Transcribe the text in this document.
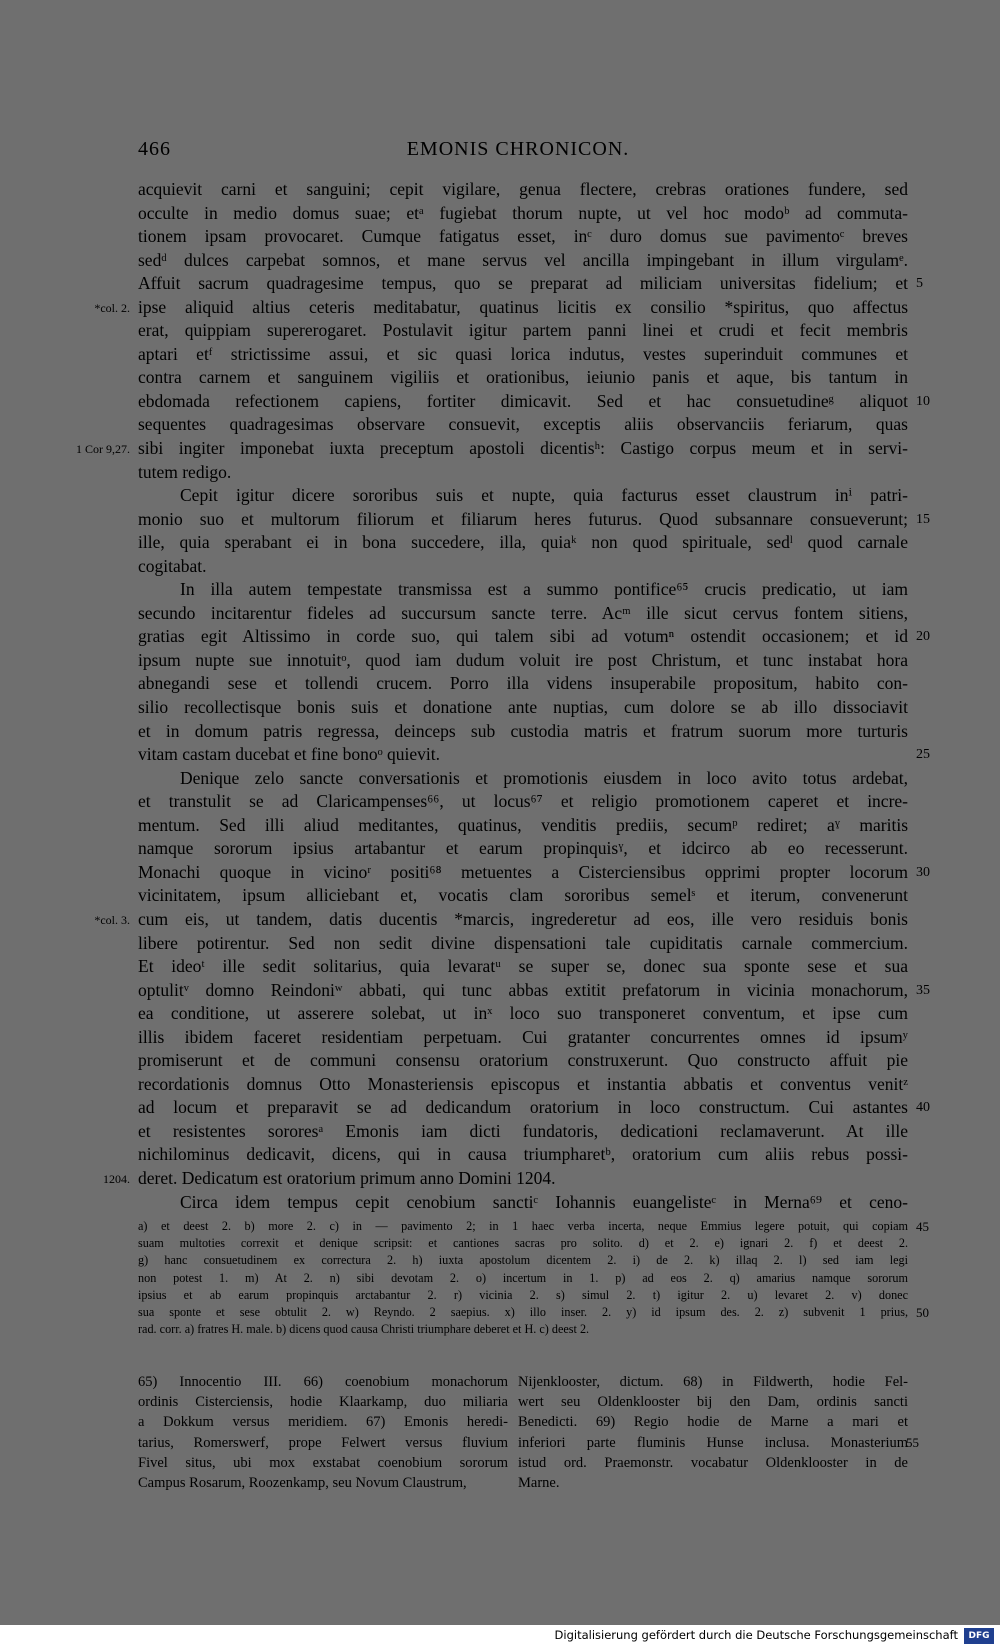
466	EMONIS CHRONICON.
acquievit carni et sanguini; cepit vigilare, genua flectere, crebras orationes fundere, sed
occulte in medio domus suae; etᵃ fugiebat thorum nupte, ut vel hoc modoᵇ ad commuta-
tionem ipsam provocaret. Cumque fatigatus esset, inᶜ duro domus sue pavimentoᶜ breves
sedᵈ dulces carpebat somnos, et mane servus vel ancilla impingebant in illum virgulamᵉ.
Affuit sacrum quadragesime tempus, quo se preparat ad miliciam universitas fidelium; et 5
ipse aliquid altius ceteris meditabatur, quatinus licitis ex consilio *spiritus, quo affectus
*col. 2.
erat, quippiam supererogaret. Postulavit igitur partem panni linei et crudi et fecit membris
aptari etᶠ strictissime assui, et sic quasi lorica indutus, vestes superinduit communes et
contra carnem et sanguinem vigiliis et orationibus, ieiunio panis et aque, bis tantum in
ebdomada refectionem capiens, fortiter dimicavit. Sed et hac consuetudineᵍ aliquot 10
sequentes quadragesimas observare consuevit, exceptis aliis observanciis feriarum, quas
sibi ingiter imponebat iuxta preceptum apostoli dicentisʰ: Castigo corpus meum et in servi-
1 Cor 9,27.
tutem redigo.
Cepit igitur dicere sororibus suis et nupte, quia facturus esset claustrum inⁱ patri-
monio suo et multorum filiorum et filiarum heres futurus. Quod subsannare consueverunt; 15
ille, quia sperabant ei in bona succedere, illa, quiaᵏ non quod spirituale, sedˡ quod carnale
cogitabat.
In illa autem tempestate transmissa est a summo pontifice⁶⁵ crucis predicatio, ut iam
secundo incitarentur fideles ad succursum sancte terre. Acᵐ ille sicut cervus fontem sitiens,
gratias egit Altissimo in corde suo, qui talem sibi ad votumⁿ ostendit occasionem; et id 20
ipsum nupte sue innotuitᵒ, quod iam dudum voluit ire post Christum, et tunc instabat hora
abnegandi sese et tollendi crucem. Porro illa videns insuperabile propositum, habito con-
silio recollectisque bonis suis et donatione ante nuptias, cum dolore se ab illo dissociavit
et in domum patris regressa, deinceps sub custodia matris et fratrum suorum more turturis
vitam castam ducebat et fine bonoᵒ quievit.	25
Denique zelo sancte conversationis et promotionis eiusdem in loco avito totus ardebat,
et transtulit se ad Claricampenses⁶⁶, ut locus⁶⁷ et religio promotionem caperet et incre-
mentum. Sed illi aliud meditantes, quatinus, venditis prediis, secumᵖ rediret; aˠ maritis
namque sororum ipsius artabantur et earum propinquisˠ, et idcirco ab eo recesserunt.
Monachi quoque in vicinoʳ positi⁶⁸ metuentes a Cisterciensibus opprimi propter locorum 30
vicinitatem, ipsum alliciebant et, vocatis clam sororibus semelˢ et iterum, convenerunt
cum eis, ut tandem, datis ducentis *marcis, ingrederetur ad eos, ille vero residuis bonis
*col. 3.
libere potirentur. Sed non sedit divine dispensationi tale cupiditatis carnale commercium.
Et ideoᵗ ille sedit solitarius, quia levaratᵘ se super se, donec sua sponte sese et sua
optulitᵛ domno Reindoniʷ abbati, qui tunc abbas extitit prefatorum in vicinia monachorum, 35
ea conditione, ut asserere solebat, ut inˣ loco suo transponeret conventum, et ipse cum
illis ibidem faceret residentiam perpetuam. Cui gratanter concurrentes omnes id ipsumʸ
promiserunt et de communi consensu oratorium construxerunt. Quo constructo affuit pie
recordationis domnus Otto Monasteriensis episcopus et instantia abbatis et conventus venitᶻ
ad locum et preparavit se ad dedicandum oratorium in loco constructum. Cui astantes 40
et resistentes sororesᵃ Emonis iam dicti fundatoris, dedicationi reclamaverunt. At ille
nichilominus dedicavit, dicens, qui in causa triumpharetᵇ, oratorium cum aliis rebus possi-
deret. Dedicatum est oratorium primum anno Domini 1204.
1204.
Circa idem tempus cepit cenobium sanctiᶜ Iohannis euangelisteᶜ in Merna⁶⁹ et ceno-
a) et deest 2. b) more 2. c) in — pavimento 2; in 1 haec verba incerta, neque Emmius legere potuit, qui copiam 45
suam multoties correxit et denique scripsit: et cantiones sacras pro solito. d) et 2. e) ignari 2. f) et deest 2.
g) hanc consuetudinem ex correctura 2. h) iuxta apostolum dicentem 2. i) de 2. k) illaq 2. l) sed iam legi
non potest 1. m) At 2. n) sibi devotam 2. o) incertum in 1. p) ad eos 2. q) amarius namque sororum
ipsius et ab earum propinquis arctabantur 2. r) vicinia 2. s) simul 2. t) igitur 2. u) levaret 2. v) donec
sua sponte et sese obtulit 2. w) Reyndo. 2 saepius. x) illo inser. 2. y) id ipsum des. 2. z) subvenit 1 prius, 50
rad. corr. a) fratres H. male. b) dicens quod causa Christi triumphare deberet et H. c) deest 2.
65) Innocentio III. 66) coenobium monachorum
ordinis Cisterciensis, hodie Klaarkamp, duo miliaria
a Dokkum versus meridiem. 67) Emonis heredi-
tarius, Romerswerf, prope Felwert versus fluvium
Fivel situs, ubi mox exstabat coenobium sororum
Campus Rosarum, Roozenkamp, seu Novum Claustrum,
Nijenklooster, dictum. 68) in Fildwerth, hodie Fel-
wert seu Oldenklooster bij den Dam, ordinis sancti
Benedicti. 69) Regio hodie de Marne a mari et
inferiori parte fluminis Hunse inclusa. Monasterium
55
istud ord. Praemonstr. vocabatur Oldenklooster in de
Marne.
Digitalisierung gefördert durch die Deutsche Forschungsgemeinschaft	DFG
